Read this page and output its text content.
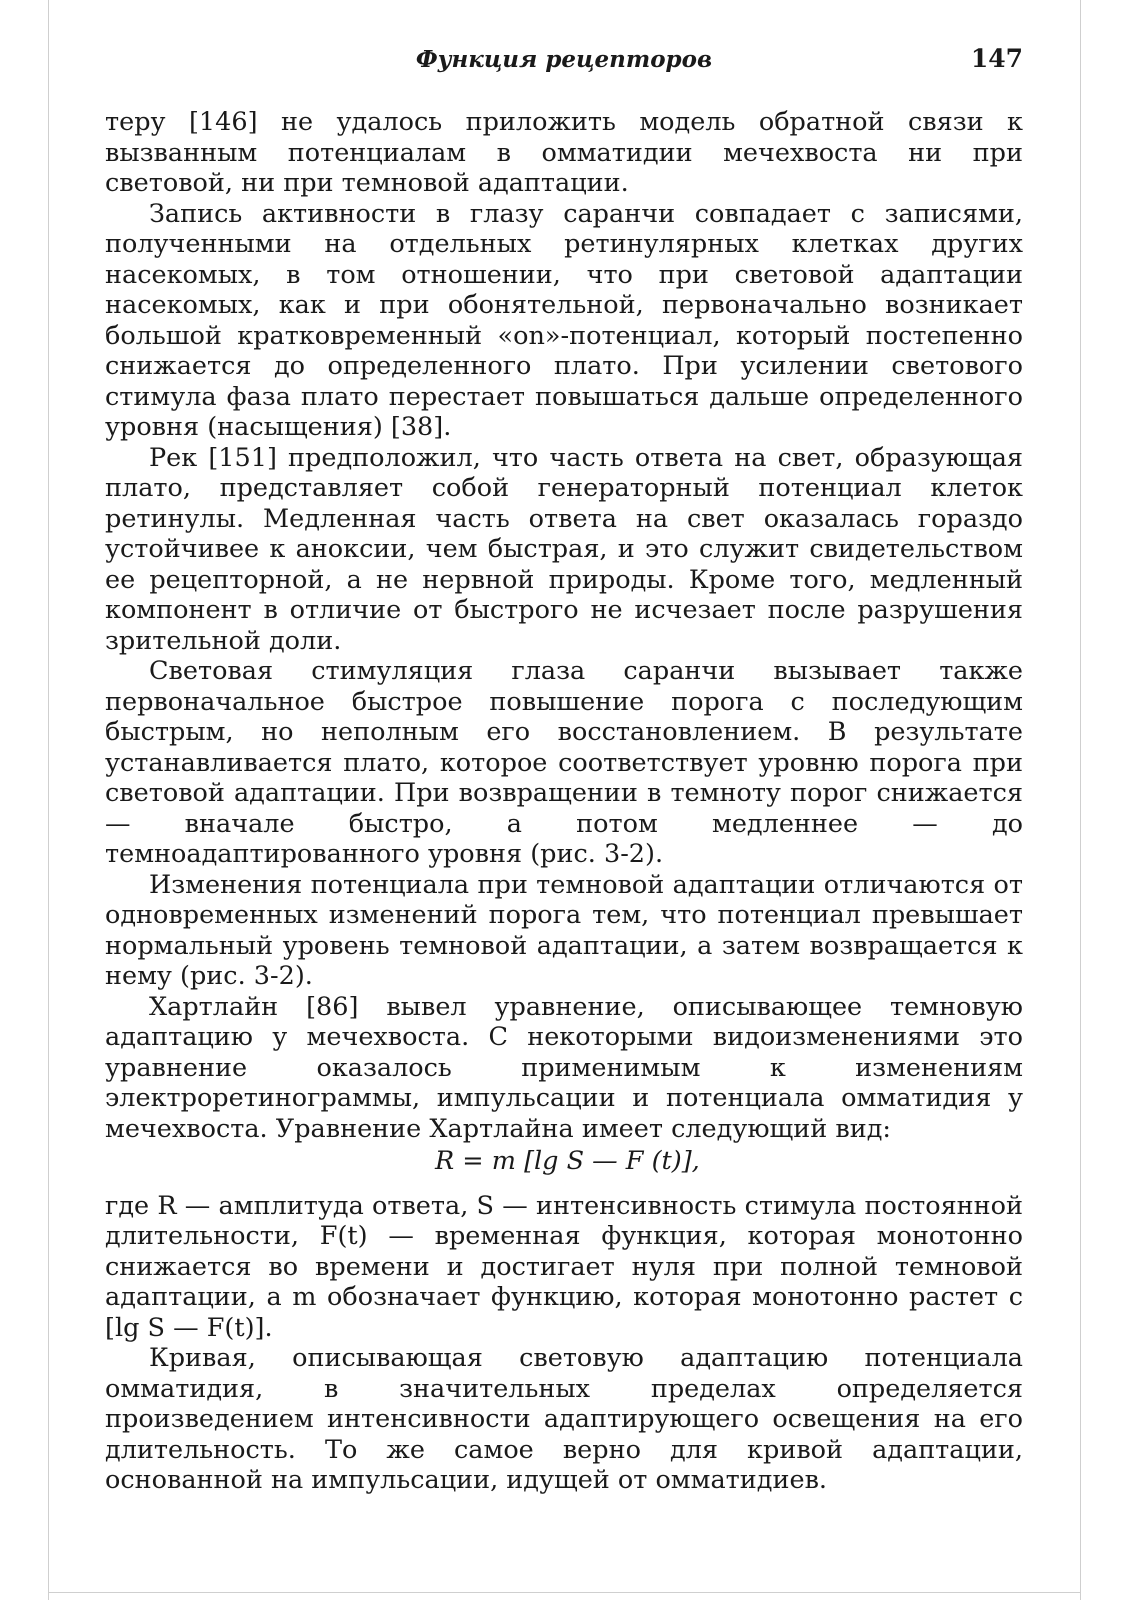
Функция рецепторов	147

теру [146] не удалось приложить модель обратной связи к вызванным потенциалам в омматидии мечехвоста ни при световой, ни при темновой адаптации.

Запись активности в глазу саранчи совпадает с записями, полученными на отдельных ретинулярных клетках других насекомых, в том отношении, что при световой адаптации насекомых, как и при обонятельной, первоначально возникает большой кратковременный «on»-потенциал, который постепенно снижается до определенного плато. При усилении светового стимула фаза плато перестает повышаться дальше определенного уровня (насыщения) [38].

Рек [151] предположил, что часть ответа на свет, образующая плато, представляет собой генераторный потенциал клеток ретинулы. Медленная часть ответа на свет оказалась гораздо устойчивее к аноксии, чем быстрая, и это служит свидетельством ее рецепторной, а не нервной природы. Кроме того, медленный компонент в отличие от быстрого не исчезает после разрушения зрительной доли.

Световая стимуляция глаза саранчи вызывает также первоначальное быстрое повышение порога с последующим быстрым, но неполным его восстановлением. В результате устанавливается плато, которое соответствует уровню порога при световой адаптации. При возвращении в темноту порог снижается — вначале быстро, а потом медленнее — до темноадаптированного уровня (рис. 3-2).

Изменения потенциала при темновой адаптации отличаются от одновременных изменений порога тем, что потенциал превышает нормальный уровень темновой адаптации, а затем возвращается к нему (рис. 3-2).

Хартлайн [86] вывел уравнение, описывающее темновую адаптацию у мечехвоста. С некоторыми видоизменениями это уравнение оказалось применимым к изменениям электроретинограммы, импульсации и потенциала омматидия у мечехвоста. Уравнение Хартлайна имеет следующий вид:

R = m [lg S — F (t)],

где R — амплитуда ответа, S — интенсивность стимула постоянной длительности, F(t) — временная функция, которая монотонно снижается во времени и достигает нуля при полной темновой адаптации, а m обозначает функцию, которая монотонно растет с [lg S — F(t)].

Кривая, описывающая световую адаптацию потенциала омматидия, в значительных пределах определяется произведением интенсивности адаптирующего освещения на его длительность. То же самое верно для кривой адаптации, основанной на импульсации, идущей от омматидиев.
